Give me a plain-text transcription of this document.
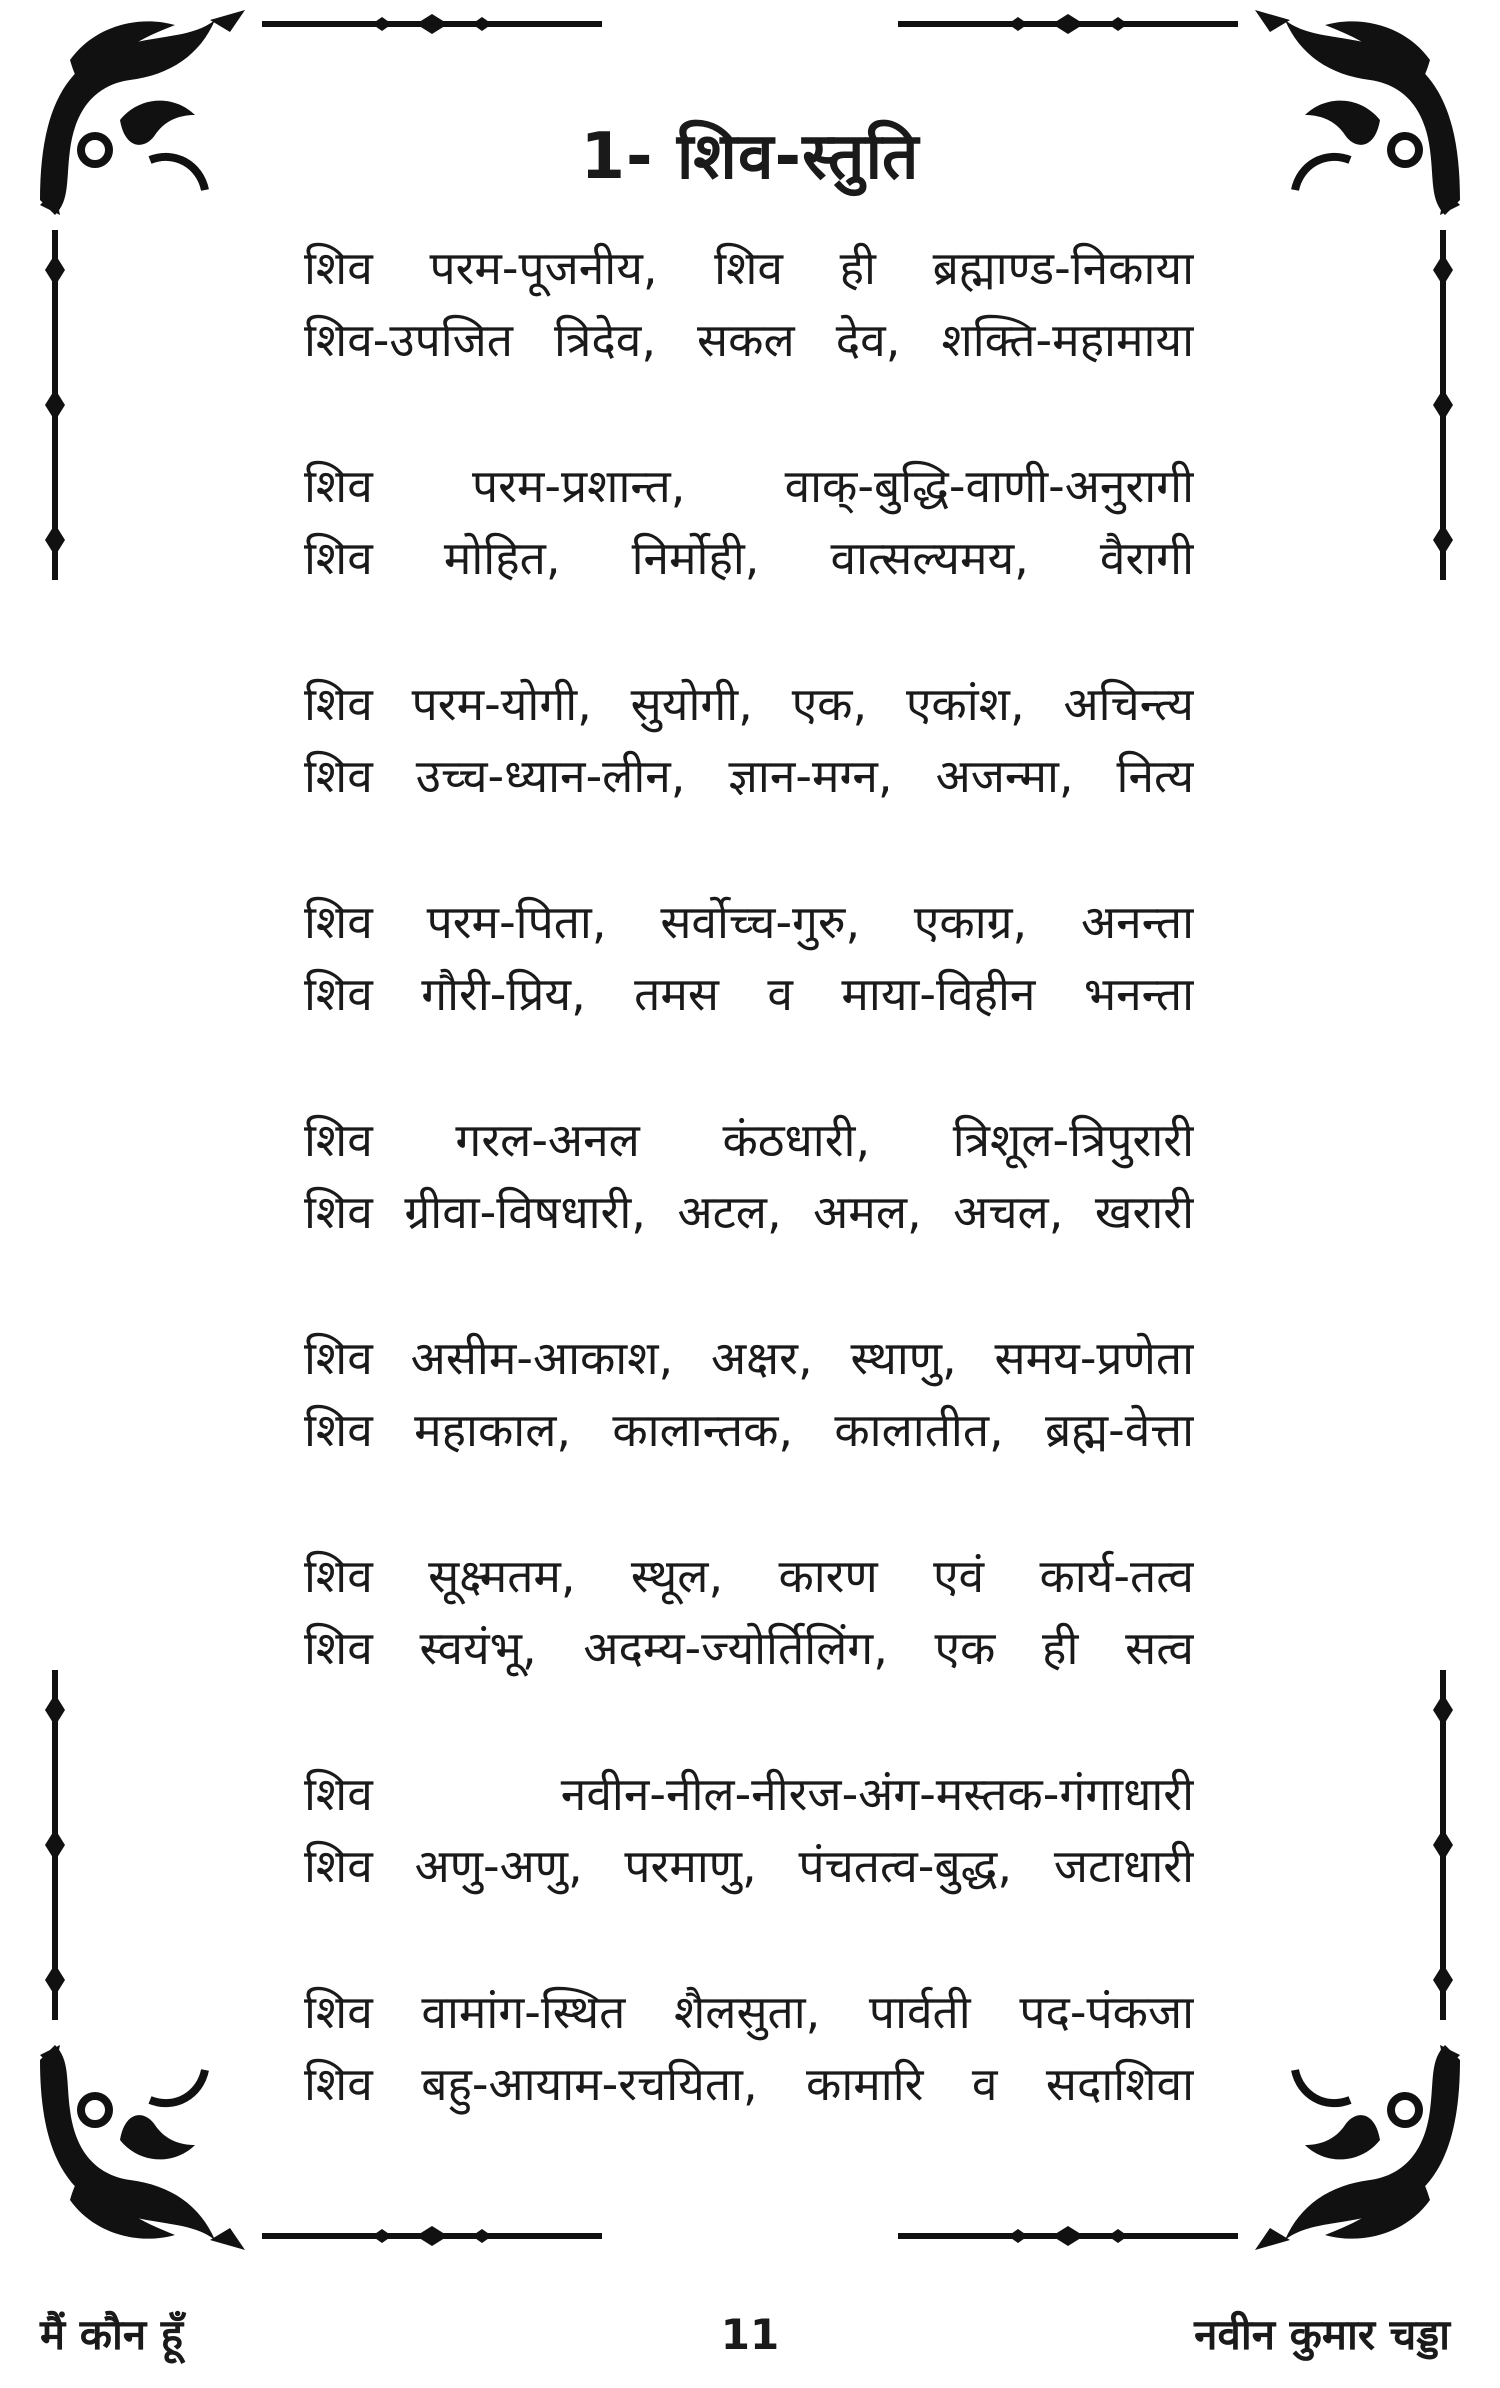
1- शिव-स्तुति
शिव परम-पूजनीय, शिव ही ब्रह्माण्ड-निकाया
शिव-उपजित त्रिदेव, सकल देव, शक्ति-महामाया
शिव परम-प्रशान्त, वाक्-बुद्धि-वाणी-अनुरागी
शिव मोहित, निर्मोही, वात्सल्यमय, वैरागी
शिव परम-योगी, सुयोगी, एक, एकांश, अचिन्त्य
शिव उच्च-ध्यान-लीन, ज्ञान-मग्न, अजन्मा, नित्य
शिव परम-पिता, सर्वोच्च-गुरु, एकाग्र, अनन्ता
शिव गौरी-प्रिय, तमस व माया-विहीन भनन्ता
शिव गरल-अनल कंठधारी, त्रिशूल-त्रिपुरारी
शिव ग्रीवा-विषधारी, अटल, अमल, अचल, खरारी
शिव असीम-आकाश, अक्षर, स्थाणु, समय-प्रणेता
शिव महाकाल, कालान्तक, कालातीत, ब्रह्म-वेत्ता
शिव सूक्ष्मतम, स्थूल, कारण एवं कार्य-तत्व
शिव स्वयंभू, अदम्य-ज्योर्तिलिंग, एक ही सत्व
शिव नवीन-नील-नीरज-अंग-मस्तक-गंगाधारी
शिव अणु-अणु, परमाणु, पंचतत्व-बुद्ध, जटाधारी
शिव वामांग-स्थित शैलसुता, पार्वती पद-पंकजा
शिव बहु-आयाम-रचयिता, कामारि व सदाशिवा
मैं कौन हूँ	11	नवीन कुमार चड्डा
